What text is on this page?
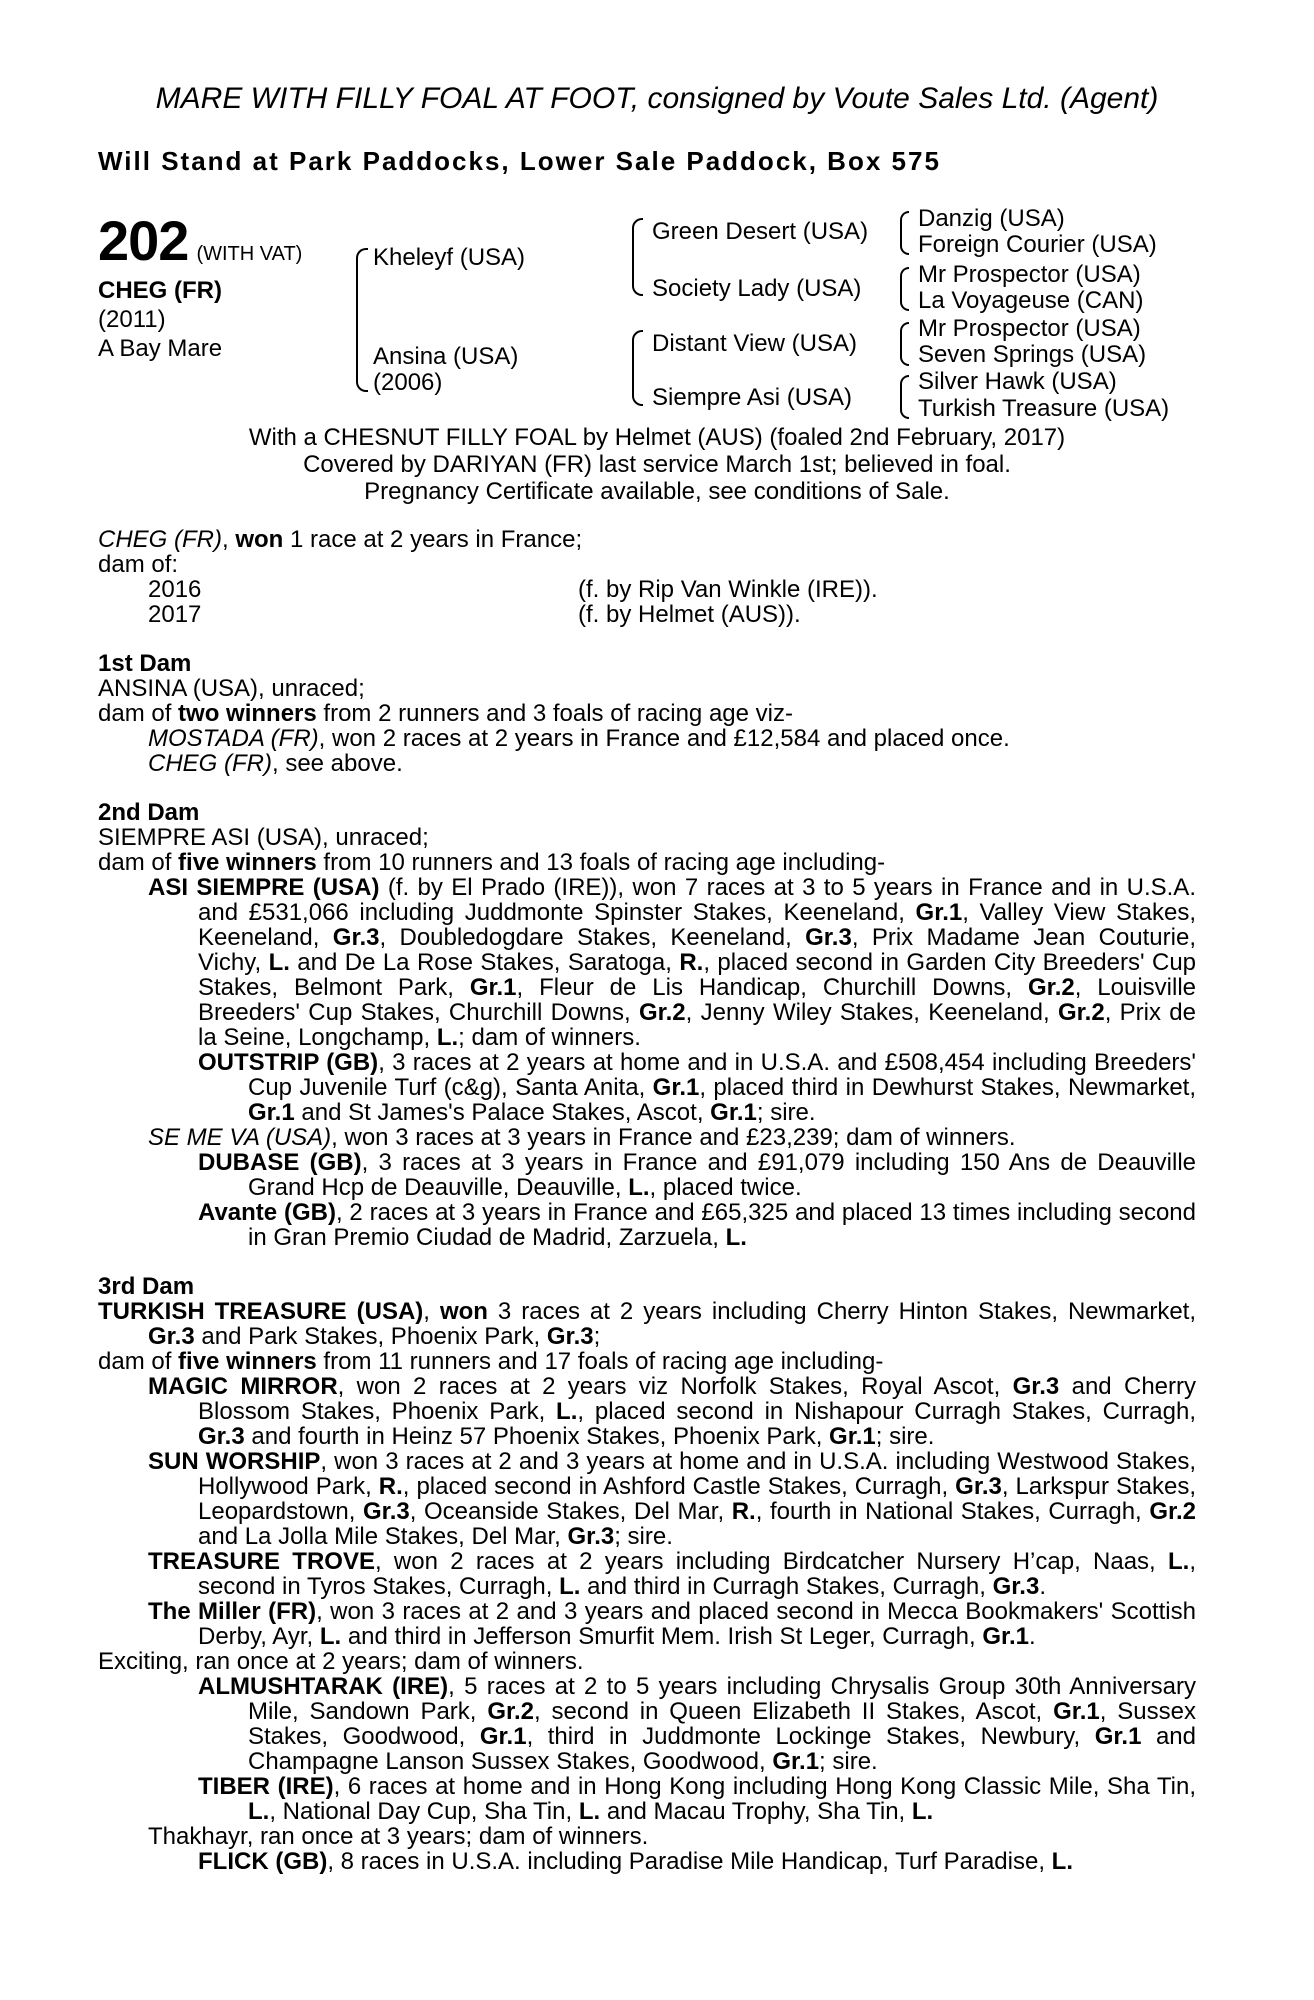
MARE WITH FILLY FOAL AT FOOT, consigned by Voute Sales Ltd. (Agent)
Will Stand at Park Paddocks, Lower Sale Paddock, Box 575
202 (WITH VAT)
CHEG (FR)
(2011)
A Bay Mare
Kheleyf (USA)
Ansina (USA)
(2006)
Green Desert (USA)
Society Lady (USA)
Distant View (USA)
Siempre Asi (USA)
Danzig (USA)
Foreign Courier (USA)
Mr Prospector (USA)
La Voyageuse (CAN)
Mr Prospector (USA)
Seven Springs (USA)
Silver Hawk (USA)
Turkish Treasure (USA)
With a CHESNUT FILLY FOAL by Helmet (AUS) (foaled 2nd February, 2017)
Covered by DARIYAN (FR) last service March 1st; believed in foal.
Pregnancy Certificate available, see conditions of Sale.

CHEG (FR), won 1 race at 2 years in France;

dam of:

2016	(f. by Rip Van Winkle (IRE)).

2017	(f. by Helmet (AUS)).

1st Dam

ANSINA (USA), unraced;

dam of two winners from 2 runners and 3 foals of racing age viz-

MOSTADA (FR), won 2 races at 2 years in France and £12,584 and placed once.

CHEG (FR), see above.

2nd Dam

SIEMPRE ASI (USA), unraced;

dam of five winners from 10 runners and 13 foals of racing age including-

ASI SIEMPRE (USA) (f. by El Prado (IRE)), won 7 races at 3 to 5 years in France and in U.S.A. and £531,066 including Juddmonte Spinster Stakes, Keeneland, Gr.1, Valley View Stakes, Keeneland, Gr.3, Doubledogdare Stakes, Keeneland, Gr.3, Prix Madame Jean Couturie, Vichy, L. and De La Rose Stakes, Saratoga, R., placed second in Garden City Breeders' Cup Stakes, Belmont Park, Gr.1, Fleur de Lis Handicap, Churchill Downs, Gr.2, Louisville Breeders' Cup Stakes, Churchill Downs, Gr.2, Jenny Wiley Stakes, Keeneland, Gr.2, Prix de la Seine, Longchamp, L.; dam of winners.

OUTSTRIP (GB), 3 races at 2 years at home and in U.S.A. and £508,454 including Breeders' Cup Juvenile Turf (c&g), Santa Anita, Gr.1, placed third in Dewhurst Stakes, Newmarket, Gr.1 and St James's Palace Stakes, Ascot, Gr.1; sire.

SE ME VA (USA), won 3 races at 3 years in France and £23,239; dam of winners.

DUBASE (GB), 3 races at 3 years in France and £91,079 including 150 Ans de Deauville Grand Hcp de Deauville, Deauville, L., placed twice.

Avante (GB), 2 races at 3 years in France and £65,325 and placed 13 times including second in Gran Premio Ciudad de Madrid, Zarzuela, L.

3rd Dam

TURKISH TREASURE (USA), won 3 races at 2 years including Cherry Hinton Stakes, Newmarket, Gr.3 and Park Stakes, Phoenix Park, Gr.3;

dam of five winners from 11 runners and 17 foals of racing age including-

MAGIC MIRROR, won 2 races at 2 years viz Norfolk Stakes, Royal Ascot, Gr.3 and Cherry Blossom Stakes, Phoenix Park, L., placed second in Nishapour Curragh Stakes, Curragh, Gr.3 and fourth in Heinz 57 Phoenix Stakes, Phoenix Park, Gr.1; sire.

SUN WORSHIP, won 3 races at 2 and 3 years at home and in U.S.A. including Westwood Stakes, Hollywood Park, R., placed second in Ashford Castle Stakes, Curragh, Gr.3, Larkspur Stakes, Leopardstown, Gr.3, Oceanside Stakes, Del Mar, R., fourth in National Stakes, Curragh, Gr.2 and La Jolla Mile Stakes, Del Mar, Gr.3; sire.

TREASURE TROVE, won 2 races at 2 years including Birdcatcher Nursery H’cap, Naas, L., second in Tyros Stakes, Curragh, L. and third in Curragh Stakes, Curragh, Gr.3.

The Miller (FR), won 3 races at 2 and 3 years and placed second in Mecca Bookmakers' Scottish Derby, Ayr, L. and third in Jefferson Smurfit Mem. Irish St Leger, Curragh, Gr.1.

Exciting, ran once at 2 years; dam of winners.

ALMUSHTARAK (IRE), 5 races at 2 to 5 years including Chrysalis Group 30th Anniversary Mile, Sandown Park, Gr.2, second in Queen Elizabeth II Stakes, Ascot, Gr.1, Sussex Stakes, Goodwood, Gr.1, third in Juddmonte Lockinge Stakes, Newbury, Gr.1 and Champagne Lanson Sussex Stakes, Goodwood, Gr.1; sire.

TIBER (IRE), 6 races at home and in Hong Kong including Hong Kong Classic Mile, Sha Tin, L., National Day Cup, Sha Tin, L. and Macau Trophy, Sha Tin, L.

Thakhayr, ran once at 3 years; dam of winners.

FLICK (GB), 8 races in U.S.A. including Paradise Mile Handicap, Turf Paradise, L.
